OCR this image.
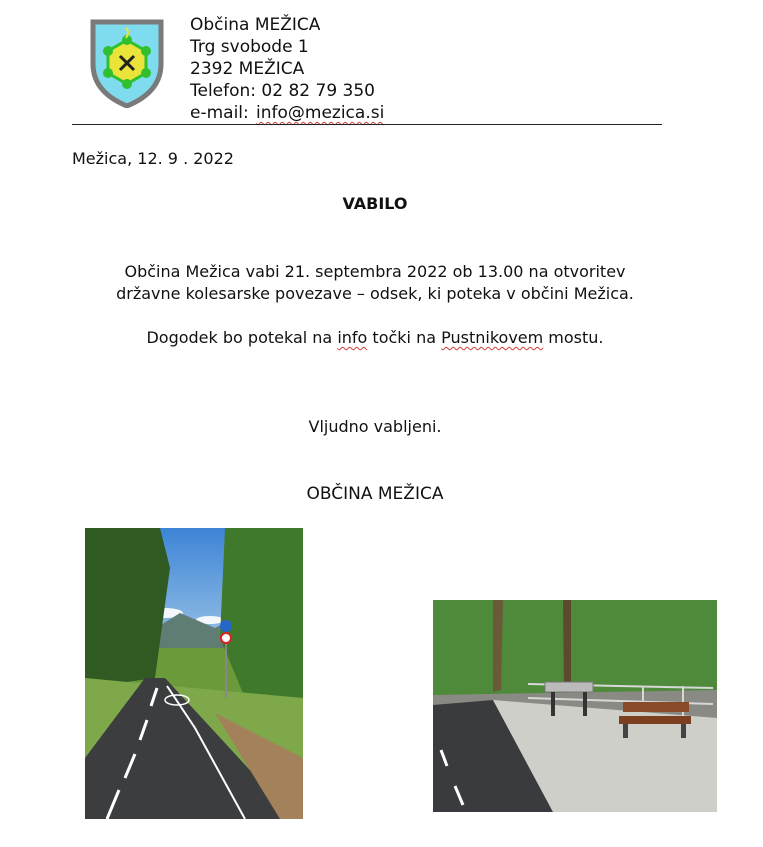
Občina MEŽICA
Trg svobode 1
2392 MEŽICA
Telefon: 02 82 79 350
e-mail: info@mezica.si
Mežica, 12. 9 . 2022
VABILO
Občina Mežica vabi 21. septembra 2022 ob 13.00 na otvoritev
državne kolesarske povezave – odsek, ki poteka v občini Mežica.
Dogodek bo potekal na info točki na Pustnikovem mostu.
Vljudno vabljeni.
OBČINA MEŽICA
